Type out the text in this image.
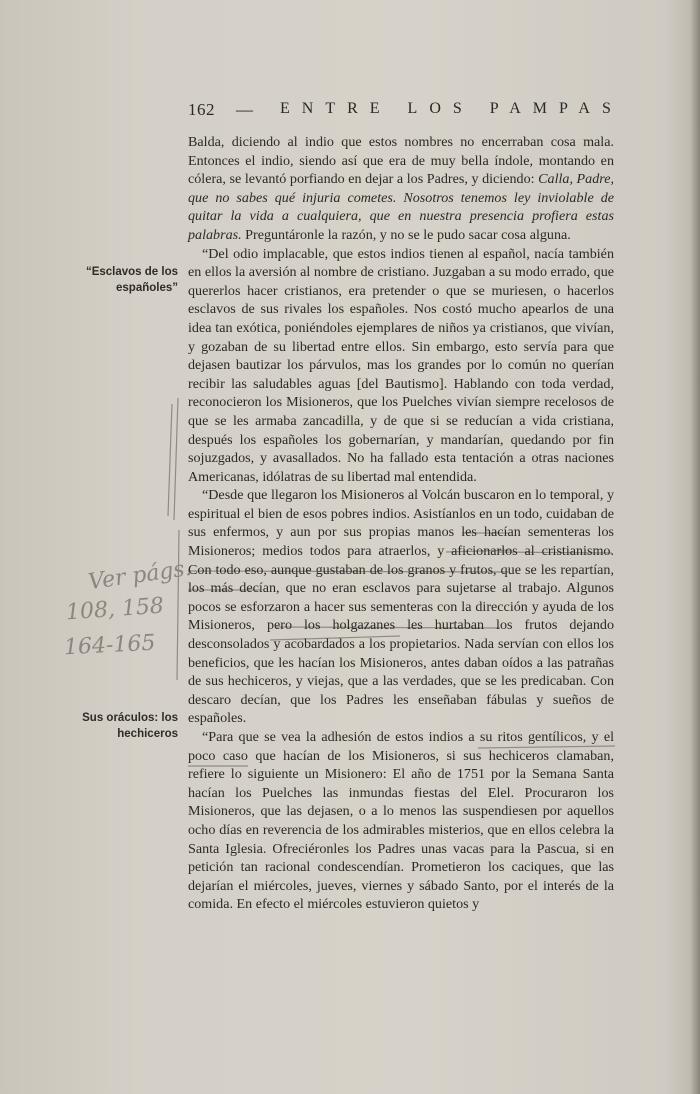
162 — ENTRE LOS PAMPAS
“Esclavos de los españoles”
Sus oráculos: los hechiceros
Ver págs.
108, 158
164-165

Balda, diciendo al indio que estos nombres no encerraban cosa mala. Entonces el indio, siendo así que era de muy bella índole, montando en cólera, se levantó porfiando en dejar a los Padres, y diciendo: Calla, Padre, que no sabes qué injuria cometes. Nosotros tenemos ley inviolable de quitar la vida a cualquiera, que en nuestra presencia profiera estas palabras. Preguntáronle la razón, y no se le pudo sacar cosa alguna.

“Del odio implacable, que estos indios tienen al español, nacía también en ellos la aversión al nombre de cristiano. Juzgaban a su modo errado, que quererlos hacer cristianos, era pretender o que se muriesen, o hacerlos esclavos de sus rivales los españoles. Nos costó mucho apearlos de una idea tan exótica, poniéndoles ejemplares de niños ya cristianos, que vivían, y gozaban de su libertad entre ellos. Sin embargo, esto servía para que dejasen bautizar los párvulos, mas los grandes por lo común no querían recibir las saludables aguas [del Bautismo]. Hablando con toda verdad, reconocieron los Misioneros, que los Puelches vivían siempre recelosos de que se les armaba zancadilla, y de que si se reducían a vida cristiana, después los españoles los gobernarían, y mandarían, quedando por fin sojuzgados, y avasallados. No ha fallado esta tentación a otras naciones Americanas, idólatras de su libertad mal entendida.

“Desde que llegaron los Misioneros al Volcán buscaron en lo temporal, y espiritual el bien de esos pobres indios. Asistíanlos en un todo, cuidaban de sus enfermos, y aun por sus propias manos les hacían sementeras los Misioneros; medios todos para atraerlos, y aficionarlos al cristianismo. Con todo eso, aunque gustaban de los granos y frutos, que se les repartían, los más decían, que no eran esclavos para sujetarse al trabajo. Algunos pocos se esforzaron a hacer sus sementeras con la dirección y ayuda de los Misioneros, pero los holgazanes les hurtaban los frutos dejando desconsolados y acobardados a los propietarios. Nada servían con ellos los beneficios, que les hacían los Misioneros, antes daban oídos a las patrañas de sus hechiceros, y viejas, que a las verdades, que se les predicaban. Con descaro decían, que los Padres les enseñaban fábulas y sueños de españoles.

“Para que se vea la adhesión de estos indios a su ritos gentílicos, y el poco caso que hacían de los Misioneros, si sus hechiceros clamaban, refiere lo siguiente un Misionero: El año de 1751 por la Semana Santa hacían los Puelches las inmundas fiestas del Elel. Procuraron los Misioneros, que las dejasen, o a lo menos las suspendiesen por aquellos ocho días en reverencia de los admirables misterios, que en ellos celebra la Santa Iglesia. Ofreciéronles los Padres unas vacas para la Pascua, si en petición tan racional condescendían. Prometieron los caciques, que las dejarían el miércoles, jueves, viernes y sábado Santo, por el interés de la comida. En efecto el miércoles estuvieron quietos y
